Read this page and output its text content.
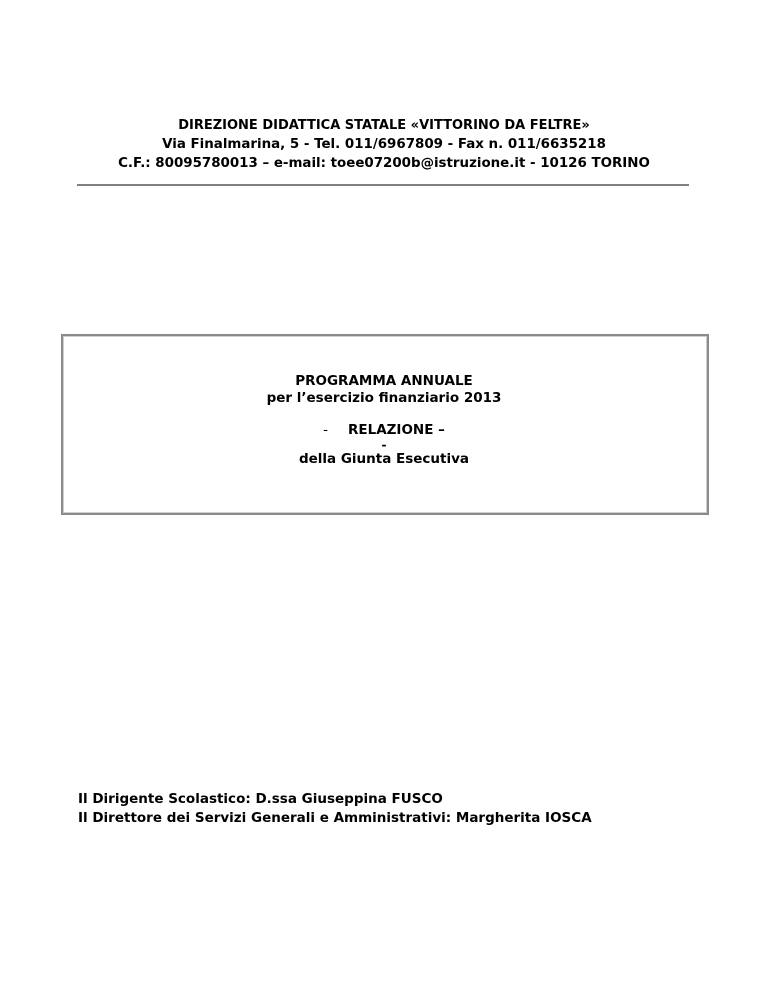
DIREZIONE DIDATTICA STATALE «VITTORINO DA FELTRE»
Via Finalmarina, 5 - Tel. 011/6967809 - Fax n. 011/6635218
C.F.: 80095780013 – e-mail: toee07200b@istruzione.it - 10126 TORINO
PROGRAMMA ANNUALE
per l’esercizio finanziario 2013
- RELAZIONE –
-
della Giunta Esecutiva
Il Dirigente Scolastico: D.ssa Giuseppina FUSCO
Il Direttore dei Servizi Generali e Amministrativi: Margherita IOSCA
